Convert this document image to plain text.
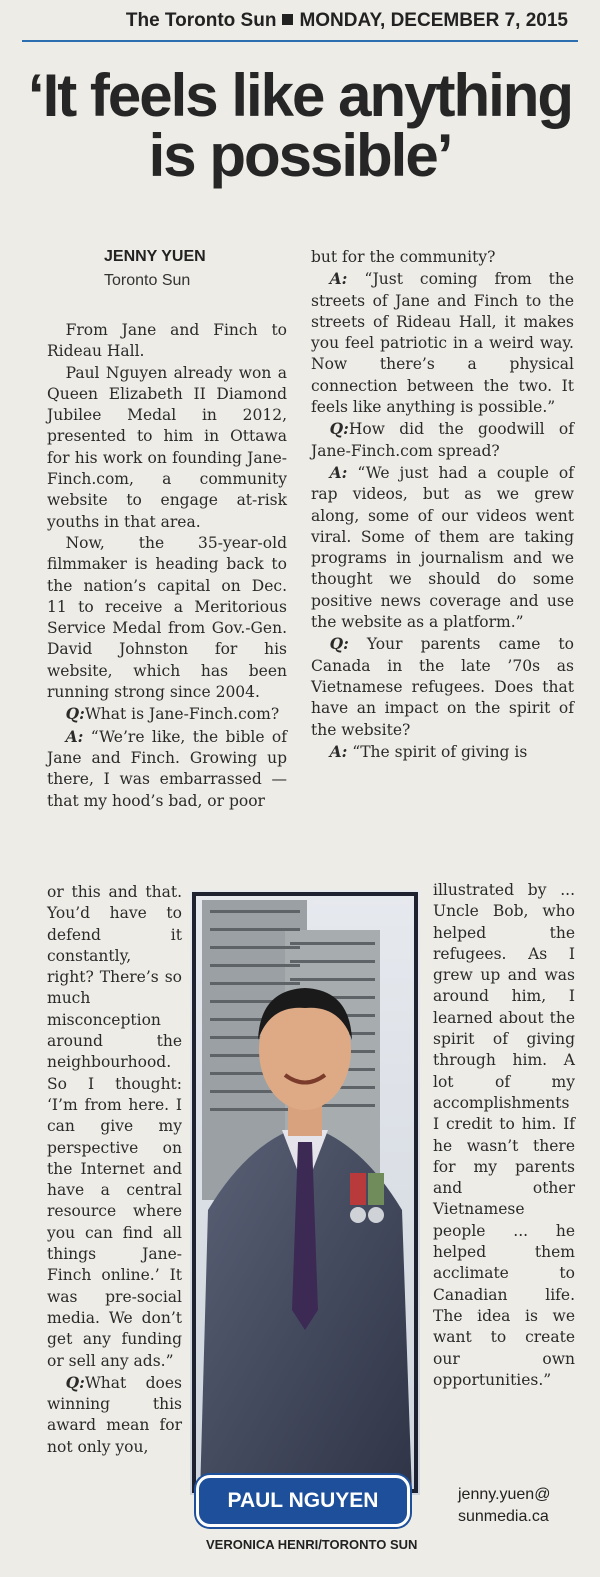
The Toronto Sun MONDAY, DECEMBER 7, 2015
‘It feels like anything is possible’
JENNY YUEN
Toronto Sun

From Jane and Finch to Rideau Hall.

Paul Nguyen already won a Queen Elizabeth II Diamond Jubilee Medal in 2012, presented to him in Ottawa for his work on founding Jane-Finch.com, a community website to engage at-risk youths in that area.

Now, the 35-year-old filmmaker is heading back to the nation’s capital on Dec. 11 to receive a Meritorious Service Medal from Gov.-Gen. David Johnston for his website, which has been running strong since 2004.

Q:What is Jane-Finch.com?

A: “We’re like, the bible of Jane and Finch. Growing up there, I was embarrassed — that my hood’s bad, or poor

or this and that. You’d have to defend it constantly, right? There’s so much misconception around the neighbourhood. So I thought: ‘I’m from here. I can give my perspective on the Internet and have a central resource where you can find all things Jane-Finch online.’ It was pre-social media. We don’t get any funding or sell any ads.”

Q:What does winning this award mean for not only you,

but for the community?

A: “Just coming from the streets of Jane and Finch to the streets of Rideau Hall, it makes you feel patriotic in a weird way. Now there’s a physical connection between the two. It feels like anything is possible.”

Q:How did the goodwill of Jane-Finch.com spread?

A: “We just had a couple of rap videos, but as we grew along, some of our videos went viral. Some of them are taking programs in journalism and we thought we should do some positive news coverage and use the website as a platform.”

Q: Your parents came to Canada in the late ’70s as Vietnamese refugees. Does that have an impact on the spirit of the website?

A: “The spirit of giving is

illustrated by ... Uncle Bob, who helped the refugees. As I grew up and was around him, I learned about the spirit of giving through him. A lot of my accomplishments I credit to him. If he wasn’t there for my parents and other Vietnamese people ... he helped them acclimate to Canadian life. The idea is we want to create our own opportunities.”

PAUL NGUYEN
VERONICA HENRI/TORONTO SUN
jenny.yuen@
sunmedia.ca
